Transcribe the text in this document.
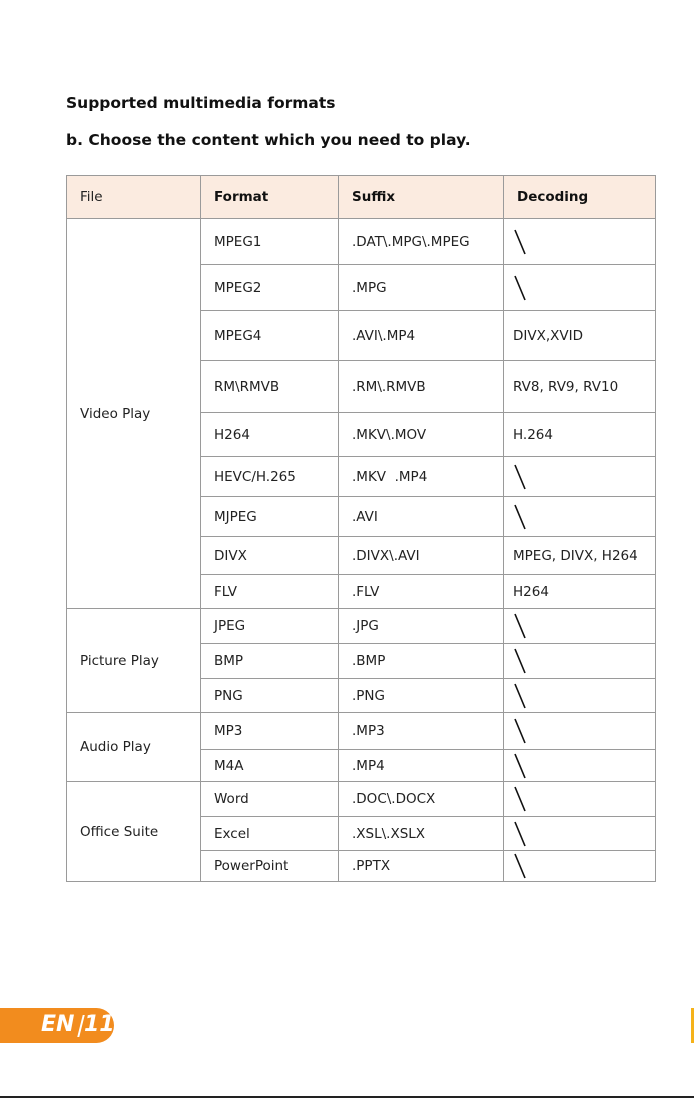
Supported multimedia formats
b. Choose the content which you need to play.
File	Format	Suffix	Decoding
Video Play	MPEG1	.DAT\.MPG\.MPEG	

	MPEG2	.MPG	

	MPEG4	.AVI\.MP4	DIVX,XVID
	RM\RMVB	.RM\.RMVB	RV8, RV9, RV10
	H264	.MKV\.MOV	H.264
	HEVC/H.265	.MKV  .MP4	

	MJPEG	.AVI	

	DIVX	.DIVX\.AVI	MPEG, DIVX, H264
	FLV	.FLV	H264
Picture Play	JPEG	.JPG	

	BMP	.BMP	

	PNG	.PNG	

Audio Play	MP3	.MP3	

	M4A	.MP4	

Office Suite	Word	.DOC\.DOCX	

	Excel	.XSL\.XSLX	

	PowerPoint	.PPTX	
EN 11
